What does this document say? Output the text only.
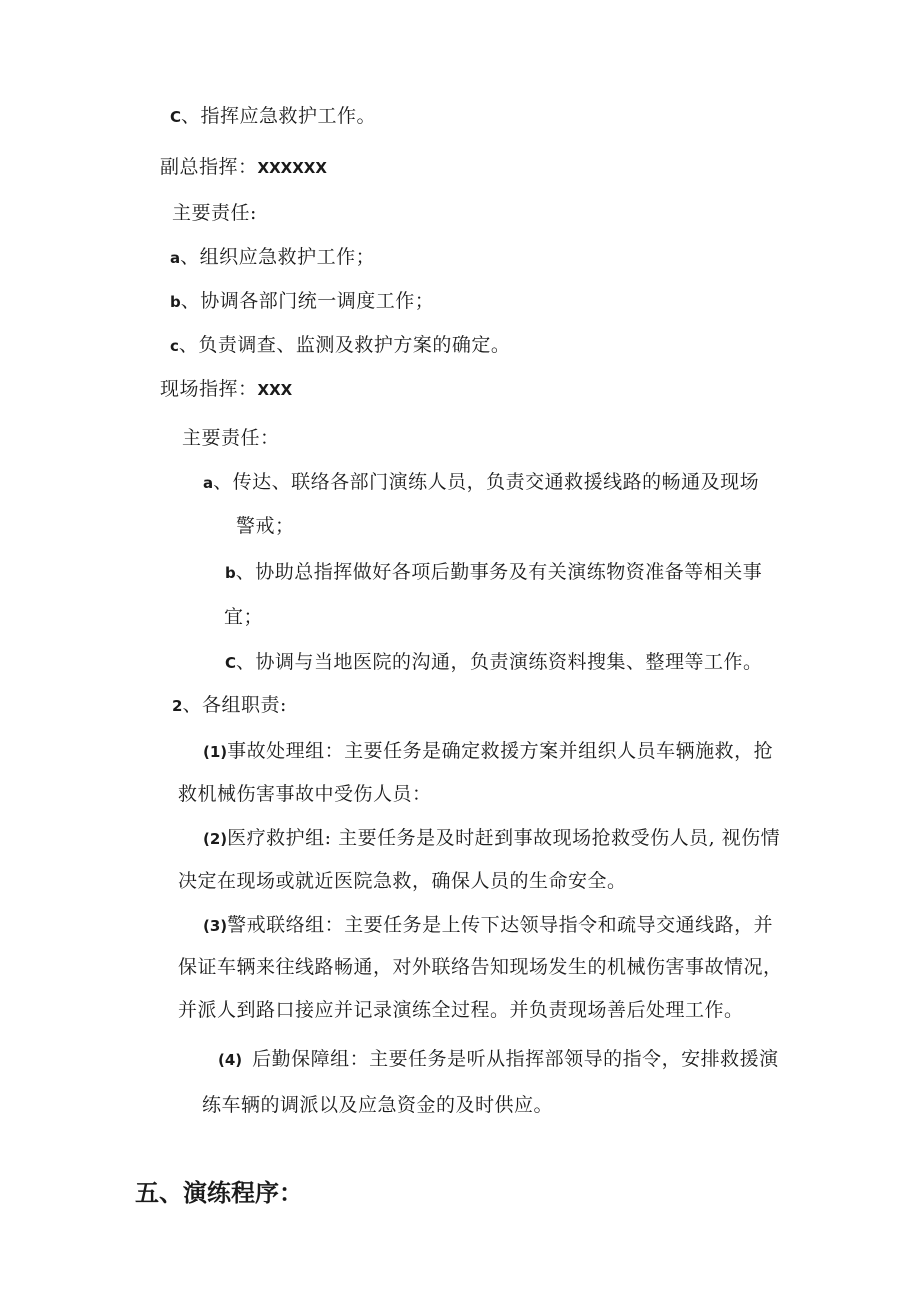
C、指挥应急救护工作。
副总指挥：XXXXXX
主要责任:
a、组织应急救护工作；
b、协调各部门统一调度工作；
c、负责调查、监测及救护方案的确定。
现场指挥：XXX
主要责任：
a、传达、联络各部门演练人员，负责交通救援线路的畅通及现场
警戒；
b、协助总指挥做好各项后勤事务及有关演练物资准备等相关事
宜；
C、协调与当地医院的沟通，负责演练资料搜集、整理等工作。
2、各组职责:
(1)事故处理组：主要任务是确定救援方案并组织人员车辆施救，抢
救机械伤害事故中受伤人员：
(2)医疗救护组: 主要任务是及时赶到事故现场抢救受伤人员, 视伤情
决定在现场或就近医院急救，确保人员的生命安全。
(3)警戒联络组：主要任务是上传下达领导指令和疏导交通线路，并
保证车辆来往线路畅通，对外联络告知现场发生的机械伤害事故情况，
并派人到路口接应并记录演练全过程。并负责现场善后处理工作。
(4) 后勤保障组：主要任务是听从指挥部领导的指令，安排救援演
练车辆的调派以及应急资金的及时供应。
五、演练程序：
